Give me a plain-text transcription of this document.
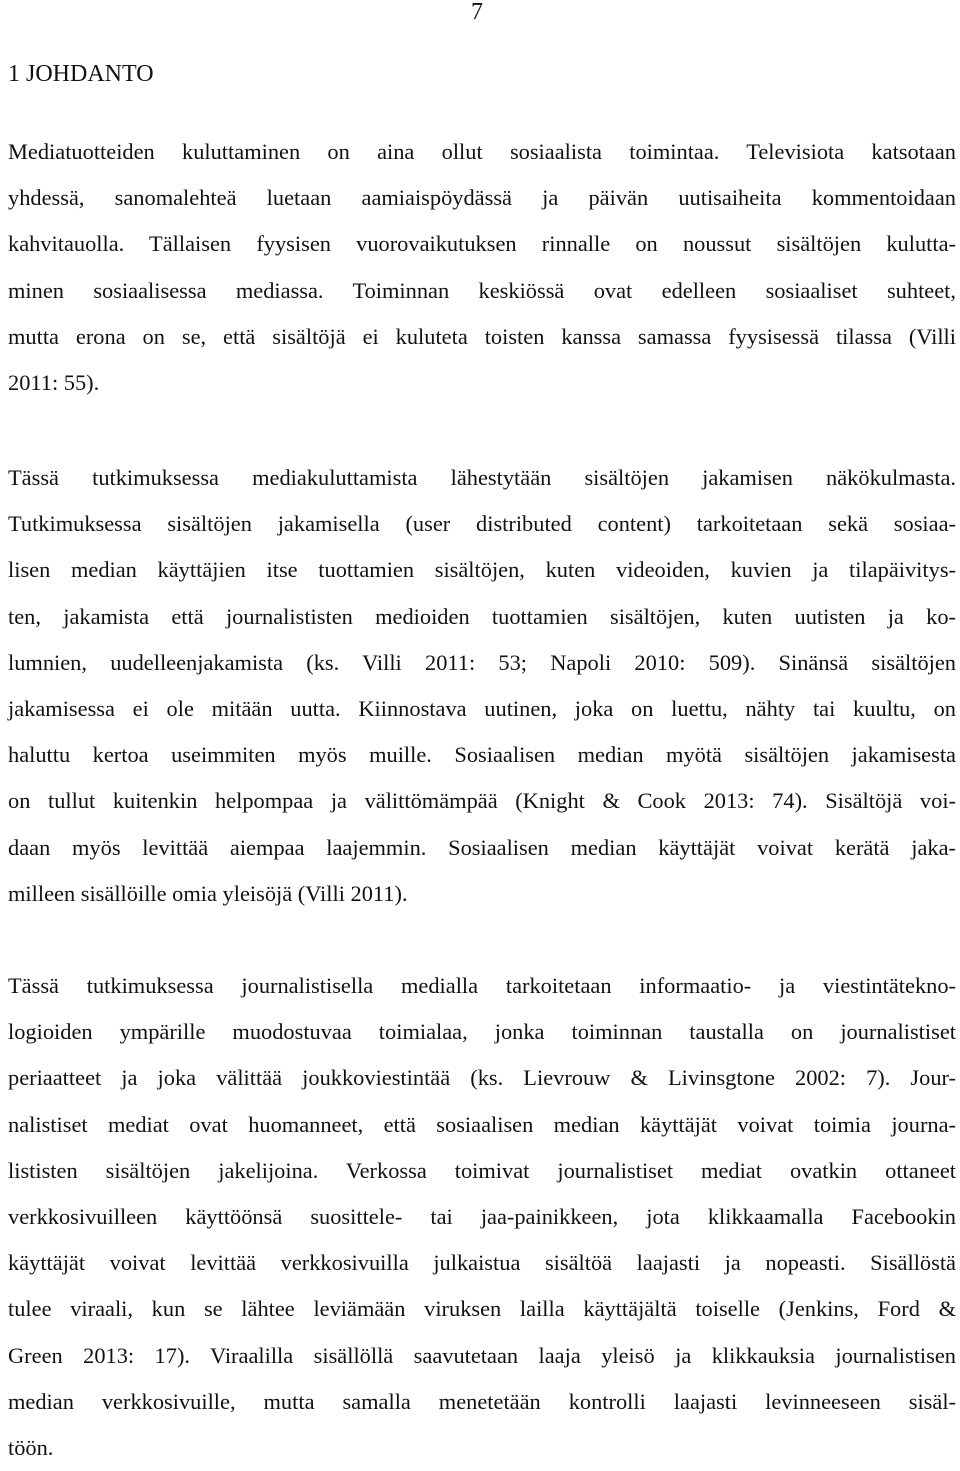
7
1 JOHDANTO
Mediatuotteiden kuluttaminen on aina ollut sosiaalista toimintaa. Televisiota katsotaan
yhdessä, sanomalehteä luetaan aamiaispöydässä ja päivän uutisaiheita kommentoidaan
kahvitauolla. Tällaisen fyysisen vuorovaikutuksen rinnalle on noussut sisältöjen kulutta-
minen sosiaalisessa mediassa. Toiminnan keskiössä ovat edelleen sosiaaliset suhteet,
mutta erona on se, että sisältöjä ei kuluteta toisten kanssa samassa fyysisessä tilassa (Villi
2011: 55).
Tässä tutkimuksessa mediakuluttamista lähestytään sisältöjen jakamisen näkökulmasta.
Tutkimuksessa sisältöjen jakamisella (user distributed content) tarkoitetaan sekä sosiaa-
lisen median käyttäjien itse tuottamien sisältöjen, kuten videoiden, kuvien ja tilapäivitys-
ten, jakamista että journalististen medioiden tuottamien sisältöjen, kuten uutisten ja ko-
lumnien, uudelleenjakamista (ks. Villi 2011: 53; Napoli 2010: 509). Sinänsä sisältöjen
jakamisessa ei ole mitään uutta. Kiinnostava uutinen, joka on luettu, nähty tai kuultu, on
haluttu kertoa useimmiten myös muille. Sosiaalisen median myötä sisältöjen jakamisesta
on tullut kuitenkin helpompaa ja välittömämpää (Knight & Cook 2013: 74). Sisältöjä voi-
daan myös levittää aiempaa laajemmin. Sosiaalisen median käyttäjät voivat kerätä jaka-
milleen sisällöille omia yleisöjä (Villi 2011).
Tässä tutkimuksessa journalistisella medialla tarkoitetaan informaatio- ja viestintäteknο-
logioiden ympärille muodostuvaa toimialaa, jonka toiminnan taustalla on journalistiset
periaatteet ja joka välittää joukkoviestintää (ks. Lievrouw & Livinsgtone 2002: 7). Jour-
nalistiset mediat ovat huomanneet, että sosiaalisen median käyttäjät voivat toimia journa-
lististen sisältöjen jakelijoina. Verkossa toimivat journalistiset mediat ovatkin ottaneet
verkkosivuilleen käyttöönsä suosittele- tai jaa-painikkeen, jota klikkaamalla Facebookin
käyttäjät voivat levittää verkkosivuilla julkaistua sisältöä laajasti ja nopeasti. Sisällöstä
tulee viraali, kun se lähtee leviämään viruksen lailla käyttäjältä toiselle (Jenkins, Ford &
Green 2013: 17). Viraalilla sisällöllä saavutetaan laaja yleisö ja klikkauksia journalistisen
median verkkosivuille, mutta samalla menetetään kontrolli laajasti levinneeseen sisäl-
töön.
